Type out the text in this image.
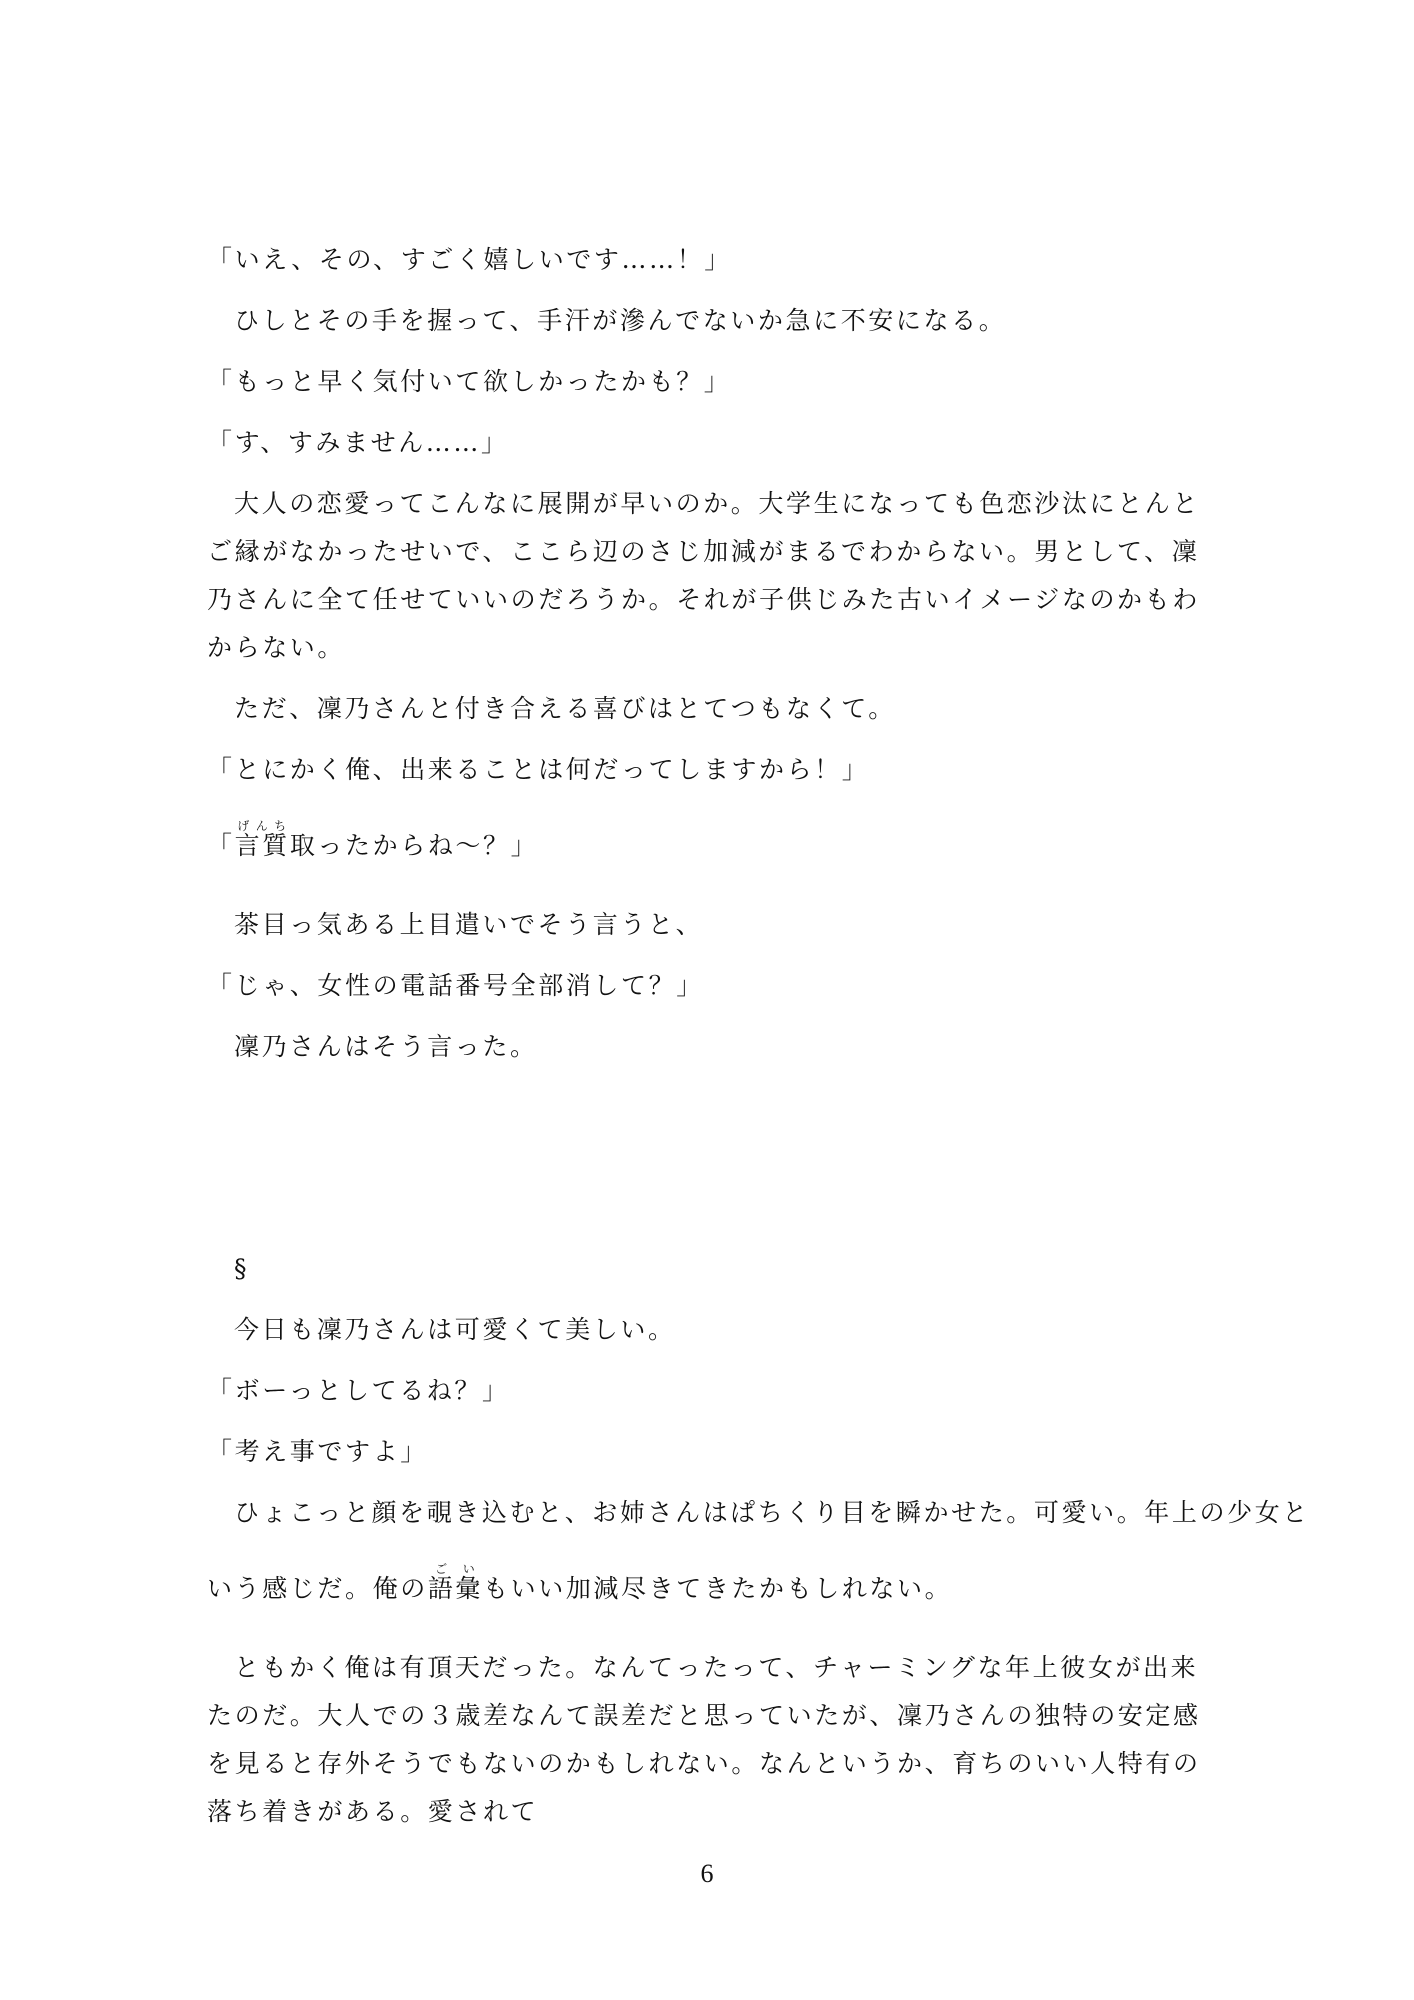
「いえ、その、すごく嬉しいです……！」

ひしとその手を握って、手汗が滲んでないか急に不安になる。

「もっと早く気付いて欲しかったかも？」

「す、すみません……」

大人の恋愛ってこんなに展開が早いのか。大学生になっても色恋沙汰にとんとご縁がなかったせいで、ここら辺のさじ加減がまるでわからない。男として、凜乃さんに全て任せていいのだろうか。それが子供じみた古いイメージなのかもわからない。

ただ、凜乃さんと付き合える喜びはとてつもなくて。

「とにかく俺、出来ることは何だってしますから！」

「言質げんち取ったからね～？」

茶目っ気ある上目遣いでそう言うと、

「じゃ、女性の電話番号全部消して？」

凜乃さんはそう言った。

§

今日も凜乃さんは可愛くて美しい。

「ボーっとしてるね？」

「考え事ですよ」

ひょこっと顔を覗き込むと、お姉さんはぱちくり目を瞬かせた。可愛い。年上の少女と

いう感じだ。俺の語彙ごいもいい加減尽きてきたかもしれない。

ともかく俺は有頂天だった。なんてったって、チャーミングな年上彼女が出来たのだ。大人での３歳差なんて誤差だと思っていたが、凜乃さんの独特の安定感を見ると存外そうでもないのかもしれない。なんというか、育ちのいい人特有の落ち着きがある。愛されて

6
